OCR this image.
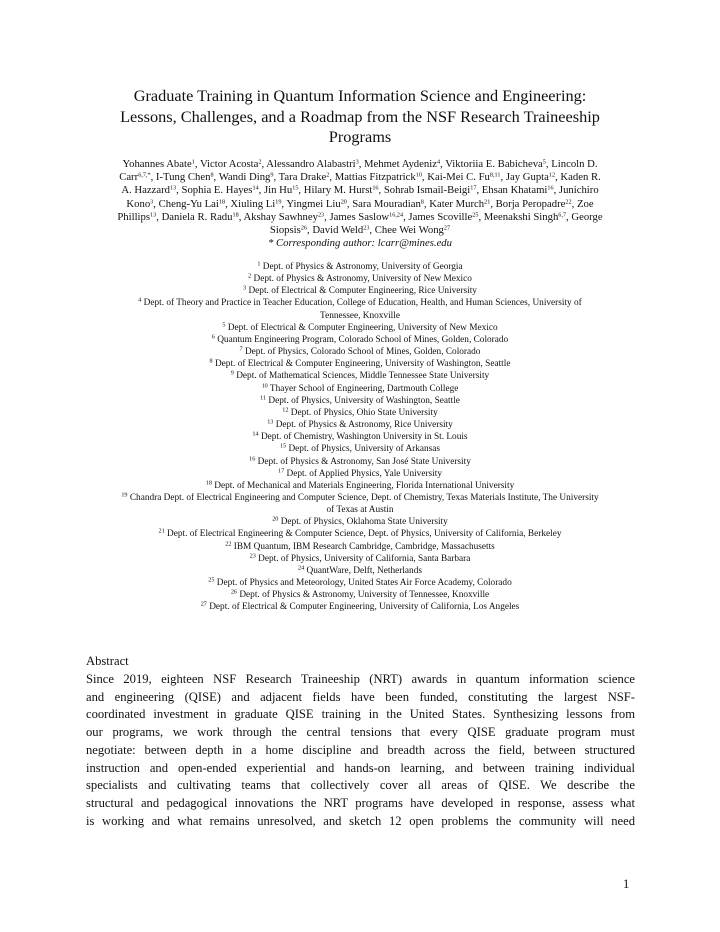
Graduate Training in Quantum Information Science and Engineering:
Lessons, Challenges, and a Roadmap from the NSF Research Traineeship
Programs
Yohannes Abate$^1$, Victor Acosta$^2$, Alessandro Alabastri$^3$, Mehmet Aydeniz$^4$, Viktoriia E. Babicheva$^5$, Lincoln D.
Carr$^{6,7,*}$, I-Tung Chen$^8$, Wandi Ding$^9$, Tara Drake$^2$, Mattias Fitzpatrick$^{10}$, Kai-Mei C. Fu$^{8,11}$, Jay Gupta$^{12}$, Kaden R.
A. Hazzard$^{13}$, Sophia E. Hayes$^{14}$, Jin Hu$^{15}$, Hilary M. Hurst$^{16}$, Sohrab Ismail-Beigi$^{17}$, Ehsan Khatami$^{16}$, Junichiro
Kono$^3$, Cheng-Yu Lai$^{18}$, Xiuling Li$^{19}$, Yingmei Liu$^{20}$, Sara Mouradian$^8$, Kater Murch$^{21}$, Borja Peropadre$^{22}$, Zoe
Phillips$^{13}$, Daniela R. Radu$^{18}$, Akshay Sawhney$^{23}$, James Saslow$^{16,24}$, James Scoville$^{25}$, Meenakshi Singh$^{6,7}$, George
Siopsis$^{26}$, David Weld$^{23}$, Chee Wei Wong$^{27}$
* Corresponding author: lcarr@mines.edu
$^1$ Dept. of Physics & Astronomy, University of Georgia
$^2$ Dept. of Physics & Astronomy, University of New Mexico
$^3$ Dept. of Electrical & Computer Engineering, Rice University
$^4$ Dept. of Theory and Practice in Teacher Education, College of Education, Health, and Human Sciences, University of
Tennessee, Knoxville
$^5$ Dept. of Electrical & Computer Engineering, University of New Mexico
$^6$ Quantum Engineering Program, Colorado School of Mines, Golden, Colorado
$^7$ Dept. of Physics, Colorado School of Mines, Golden, Colorado
$^8$ Dept. of Electrical & Computer Engineering, University of Washington, Seattle
$^9$ Dept. of Mathematical Sciences, Middle Tennessee State University
$^{10}$ Thayer School of Engineering, Dartmouth College
$^{11}$ Dept. of Physics, University of Washington, Seattle
$^{12}$ Dept. of Physics, Ohio State University
$^{13}$ Dept. of Physics & Astronomy, Rice University
$^{14}$ Dept. of Chemistry, Washington University in St. Louis
$^{15}$ Dept. of Physics, University of Arkansas
$^{16}$ Dept. of Physics & Astronomy, San José State University
$^{17}$ Dept. of Applied Physics, Yale University
$^{18}$ Dept. of Mechanical and Materials Engineering, Florida International University
$^{19}$ Chandra Dept. of Electrical Engineering and Computer Science, Dept. of Chemistry, Texas Materials Institute, The University
of Texas at Austin
$^{20}$ Dept. of Physics, Oklahoma State University
$^{21}$ Dept. of Electrical Engineering & Computer Science, Dept. of Physics, University of California, Berkeley
$^{22}$ IBM Quantum, IBM Research Cambridge, Cambridge, Massachusetts
$^{23}$ Dept. of Physics, University of California, Santa Barbara
$^{24}$ QuantWare, Delft, Netherlands
$^{25}$ Dept. of Physics and Meteorology, United States Air Force Academy, Colorado
$^{26}$ Dept. of Physics & Astronomy, University of Tennessee, Knoxville
$^{27}$ Dept. of Electrical & Computer Engineering, University of California, Los Angeles
Abstract
Since 2019, eighteen NSF Research Traineeship (NRT) awards in quantum information science
and engineering (QISE) and adjacent fields have been funded, constituting the largest NSF-
coordinated investment in graduate QISE training in the United States. Synthesizing lessons from
our programs, we work through the central tensions that every QISE graduate program must
negotiate: between depth in a home discipline and breadth across the field, between structured
instruction and open-ended experiential and hands-on learning, and between training individual
specialists and cultivating teams that collectively cover all areas of QISE. We describe the
structural and pedagogical innovations the NRT programs have developed in response, assess what
is working and what remains unresolved, and sketch 12 open problems the community will need
1
